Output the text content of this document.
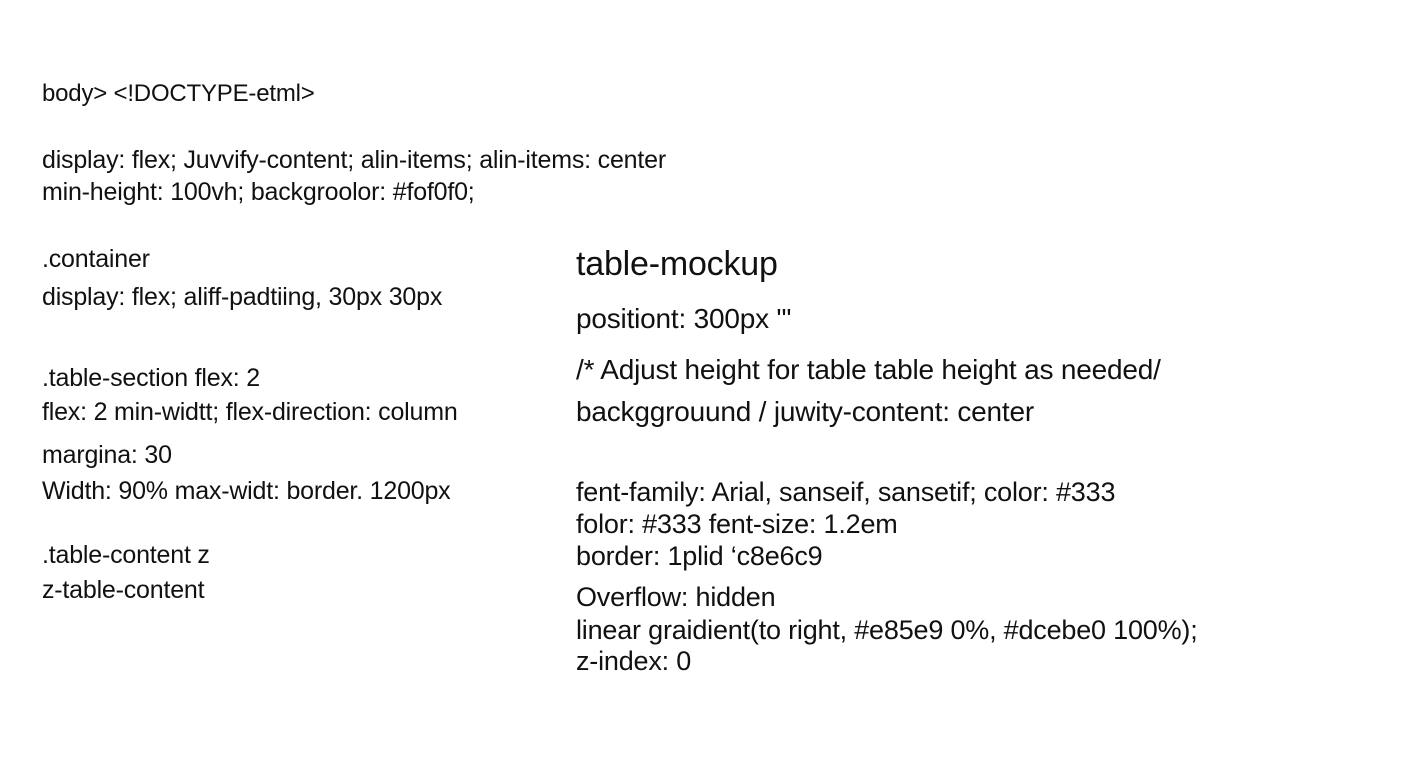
body> <!DOCTYPE-etml>
display: flex; Juvvify-content; alin-items; alin-items: center
min-height: 100vh; backgroolor: #fof0f0;
.container
display: flex; aliff-padtiing, 30px 30px
.table-section flex: 2
flex: 2 min-widtt; flex-direction: column
margina: 30
Width: 90% max-widt: border. 1200px
.table-content z
z-table-content
table-mockup
positiont: 300px "'
/* Adjust height for table table height as needed/
backggrouund / juwity-content: center
fent-family: Arial, sanseif, sansetif; color: #333
folor: #333 fent-size: 1.2em
border: 1plid ‘c8e6c9
Overflow: hidden
linear graidient(to right, #e85e9 0%, #dcebe0 100%);
z-index: 0
